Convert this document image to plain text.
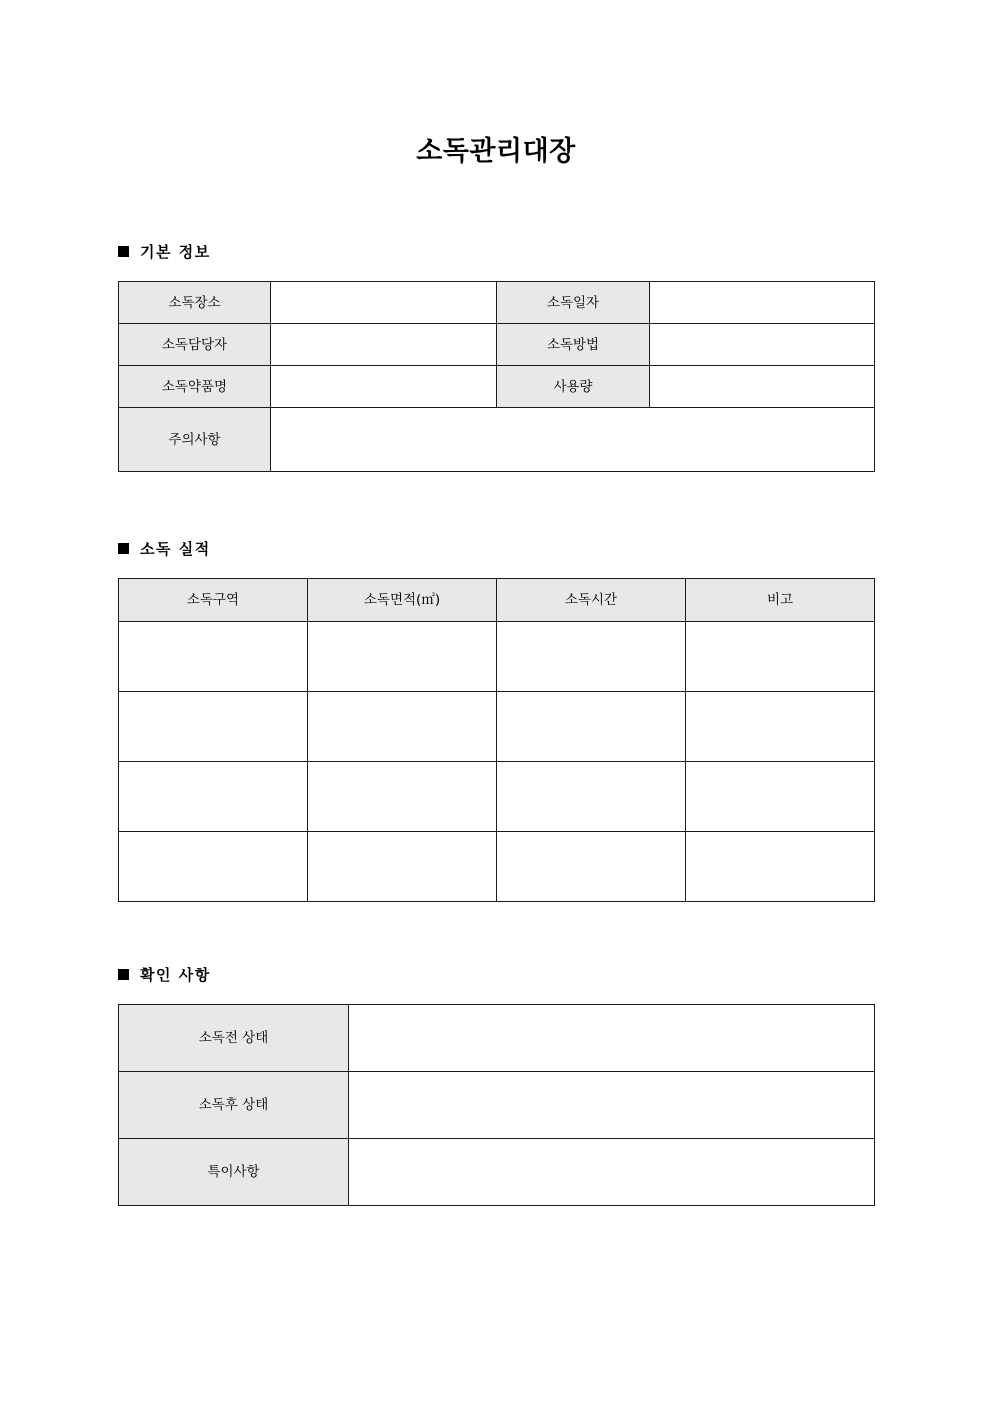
소독관리대장
기본 정보
소독장소		소독일자	
소독담당자		소독방법	
소독약품명		사용량	
주의사항			
소독 실적
소독구역	소독면적(㎡)	소독시간	비고

확인 사항
소독전 상태	
소독후 상태	
특이사항	
